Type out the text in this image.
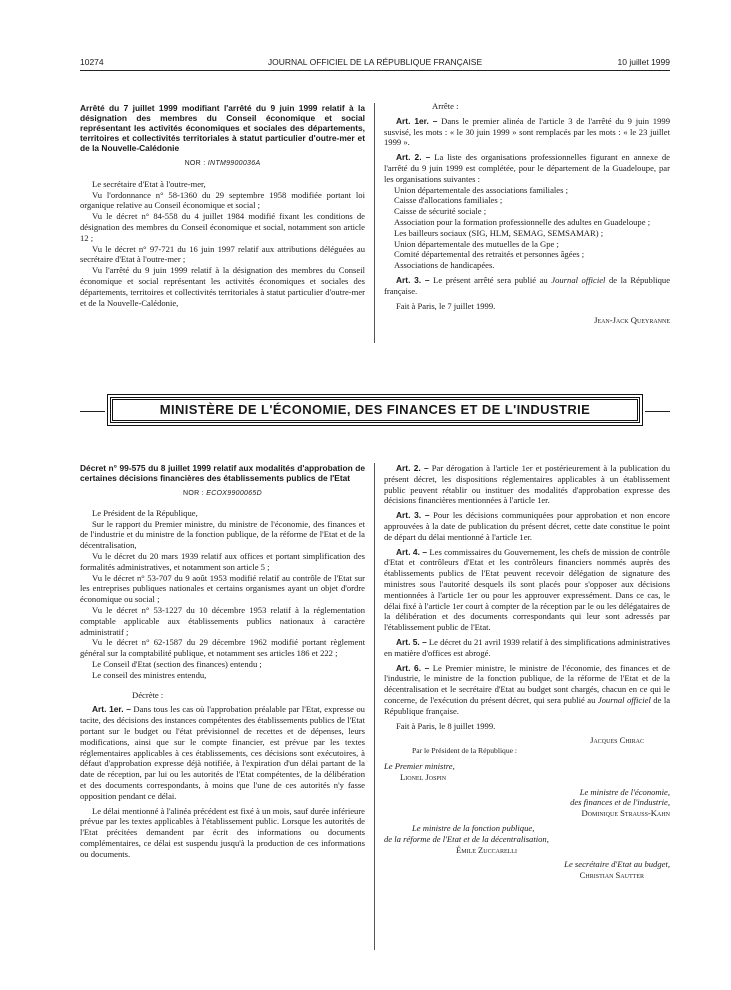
10274	JOURNAL OFFICIEL DE LA RÉPUBLIQUE FRANÇAISE	10 juillet 1999
Arrêté du 7 juillet 1999 modifiant l'arrêté du 9 juin 1999 relatif à la désignation des membres du Conseil économique et social représentant les activités économiques et sociales des départements, territoires et collectivités territoriales à statut particulier d'outre-mer et de la Nouvelle-Calédonie
NOR : INTM9900036A

Le secrétaire d'Etat à l'outre-mer,

Vu l'ordonnance n° 58-1360 du 29 septembre 1958 modifiée portant loi organique relative au Conseil économique et social ;

Vu le décret n° 84-558 du 4 juillet 1984 modifié fixant les conditions de désignation des membres du Conseil économique et social, notamment son article 12 ;

Vu le décret n° 97-721 du 16 juin 1997 relatif aux attributions déléguées au secrétaire d'Etat à l'outre-mer ;

Vu l'arrêté du 9 juin 1999 relatif à la désignation des membres du Conseil économique et social représentant les activités économiques et sociales des départements, territoires et collectivités territoriales à statut particulier d'outre-mer et de la Nouvelle-Calédonie,

Arrête :

Art. 1er. – Dans le premier alinéa de l'article 3 de l'arrêté du 9 juin 1999 susvisé, les mots : « le 30 juin 1999 » sont remplacés par les mots : « le 23 juillet 1999 ».

Art. 2. – La liste des organisations professionnelles figurant en annexe de l'arrêté du 9 juin 1999 est complétée, pour le département de la Guadeloupe, par les organisations suivantes :

Union départementale des associations familiales ;

Caisse d'allocations familiales ;

Caisse de sécurité sociale ;

Association pour la formation professionnelle des adultes en Guadeloupe ;

Les bailleurs sociaux (SIG, HLM, SEMAG, SEMSAMAR) ;

Union départementale des mutuelles de la Gpe ;

Comité départemental des retraités et personnes âgées ;

Associations de handicapées.

Art. 3. – Le présent arrêté sera publié au Journal officiel de la République française.

Fait à Paris, le 7 juillet 1999.

Jean-Jack Queyranne

MINISTÈRE DE L'ÉCONOMIE, DES FINANCES ET DE L'INDUSTRIE
Décret n° 99-575 du 8 juillet 1999 relatif aux modalités d'approbation de certaines décisions financières des établissements publics de l'Etat
NOR : ECOX9900065D

Le Président de la République,

Sur le rapport du Premier ministre, du ministre de l'économie, des finances et de l'industrie et du ministre de la fonction publique, de la réforme de l'Etat et de la décentralisation,

Vu le décret du 20 mars 1939 relatif aux offices et portant simplification des formalités administratives, et notamment son article 5 ;

Vu le décret n° 53-707 du 9 août 1953 modifié relatif au contrôle de l'Etat sur les entreprises publiques nationales et certains organismes ayant un objet d'ordre économique ou social ;

Vu le décret n° 53-1227 du 10 décembre 1953 relatif à la réglementation comptable applicable aux établissements publics nationaux à caractère administratif ;

Vu le décret n° 62-1587 du 29 décembre 1962 modifié portant règlement général sur la comptabilité publique, et notamment ses articles 186 et 222 ;

Le Conseil d'Etat (section des finances) entendu ;

Le conseil des ministres entendu,

Décrète :

Art. 1er. – Dans tous les cas où l'approbation préalable par l'Etat, expresse ou tacite, des décisions des instances compétentes des établissements publics de l'Etat portant sur le budget ou l'état prévisionnel de recettes et de dépenses, leurs modifications, ainsi que sur le compte financier, est prévue par les textes réglementaires applicables à ces établissements, ces décisions sont exécutoires, à défaut d'approbation expresse déjà notifiée, à l'expiration d'un délai partant de la date de réception, par lui ou les autorités de l'Etat compétentes, de la délibération et des documents correspondants, à moins que l'une de ces autorités n'y fasse opposition pendant ce délai.

Le délai mentionné à l'alinéa précédent est fixé à un mois, sauf durée inférieure prévue par les textes applicables à l'établissement public. Lorsque les autorités de l'Etat précitées demandent par écrit des informations ou documents complémentaires, ce délai est suspendu jusqu'à la production de ces informations ou documents.

Art. 2. – Par dérogation à l'article 1er et postérieurement à la publication du présent décret, les dispositions réglementaires applicables à un établissement public peuvent rétablir ou instituer des modalités d'approbation expresse des décisions financières mentionnées à l'article 1er.

Art. 3. – Pour les décisions communiquées pour approbation et non encore approuvées à la date de publication du présent décret, cette date constitue le point de départ du délai mentionné à l'article 1er.

Art. 4. – Les commissaires du Gouvernement, les chefs de mission de contrôle d'Etat et contrôleurs d'Etat et les contrôleurs financiers nommés auprès des établissements publics de l'Etat peuvent recevoir délégation de signature des ministres sous l'autorité desquels ils sont placés pour s'opposer aux décisions mentionnées à l'article 1er ou pour les approuver expressément. Dans ce cas, le délai fixé à l'article 1er court à compter de la réception par le ou les délégataires de la délibération et des documents correspondants qui leur sont adressés par l'établissement public de l'Etat.

Art. 5. – Le décret du 21 avril 1939 relatif à des simplifications administratives en matière d'offices est abrogé.

Art. 6. – Le Premier ministre, le ministre de l'économie, des finances et de l'industrie, le ministre de la fonction publique, de la réforme de l'Etat et de la décentralisation et le secrétaire d'Etat au budget sont chargés, chacun en ce qui le concerne, de l'exécution du présent décret, qui sera publié au Journal officiel de la République française.

Fait à Paris, le 8 juillet 1999.

Jacques Chirac

Par le Président de la République :

Le Premier ministre,

Lionel Jospin

Le ministre de l'économie,

des finances et de l'industrie,

Dominique Strauss-Kahn

Le ministre de la fonction publique,

de la réforme de l'Etat et de la décentralisation,

Émile Zuccarelli

Le secrétaire d'Etat au budget,

Christian Sautter
